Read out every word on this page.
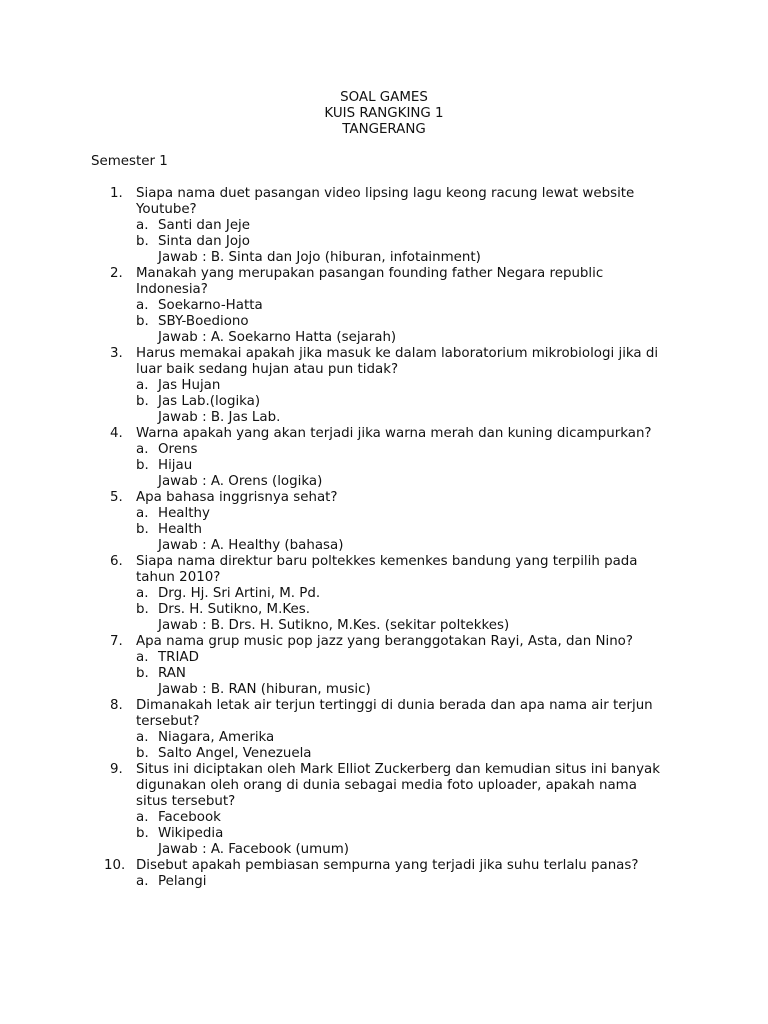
SOAL GAMES
KUIS RANGKING 1
TANGERANG
Semester 1
1. Siapa nama duet pasangan video lipsing lagu keong racung lewat website
Youtube?
a. Santi dan Jeje
b. Sinta dan Jojo
Jawab : B. Sinta dan Jojo (hiburan, infotainment)
2. Manakah yang merupakan pasangan founding father Negara republic
Indonesia?
a. Soekarno-Hatta
b. SBY-Boediono
Jawab : A. Soekarno Hatta (sejarah)
3. Harus memakai apakah jika masuk ke dalam laboratorium mikrobiologi jika di
luar baik sedang hujan atau pun tidak?
a. Jas Hujan
b. Jas Lab.(logika)
Jawab : B. Jas Lab.
4. Warna apakah yang akan terjadi jika warna merah dan kuning dicampurkan?
a. Orens
b. Hijau
Jawab : A. Orens (logika)
5. Apa bahasa inggrisnya sehat?
a. Healthy
b. Health
Jawab : A. Healthy (bahasa)
6. Siapa nama direktur baru poltekkes kemenkes bandung yang terpilih pada
tahun 2010?
a. Drg. Hj. Sri Artini, M. Pd.
b. Drs. H. Sutikno, M.Kes.
Jawab : B. Drs. H. Sutikno, M.Kes. (sekitar poltekkes)
7. Apa nama grup music pop jazz yang beranggotakan Rayi, Asta, dan Nino?
a. TRIAD
b. RAN
Jawab : B. RAN (hiburan, music)
8. Dimanakah letak air terjun tertinggi di dunia berada dan apa nama air terjun
tersebut?
a. Niagara, Amerika
b. Salto Angel, Venezuela
9. Situs ini diciptakan oleh Mark Elliot Zuckerberg dan kemudian situs ini banyak
digunakan oleh orang di dunia sebagai media foto uploader, apakah nama
situs tersebut?
a. Facebook
b. Wikipedia
Jawab : A. Facebook (umum)
10. Disebut apakah pembiasan sempurna yang terjadi jika suhu terlalu panas?
a. Pelangi
